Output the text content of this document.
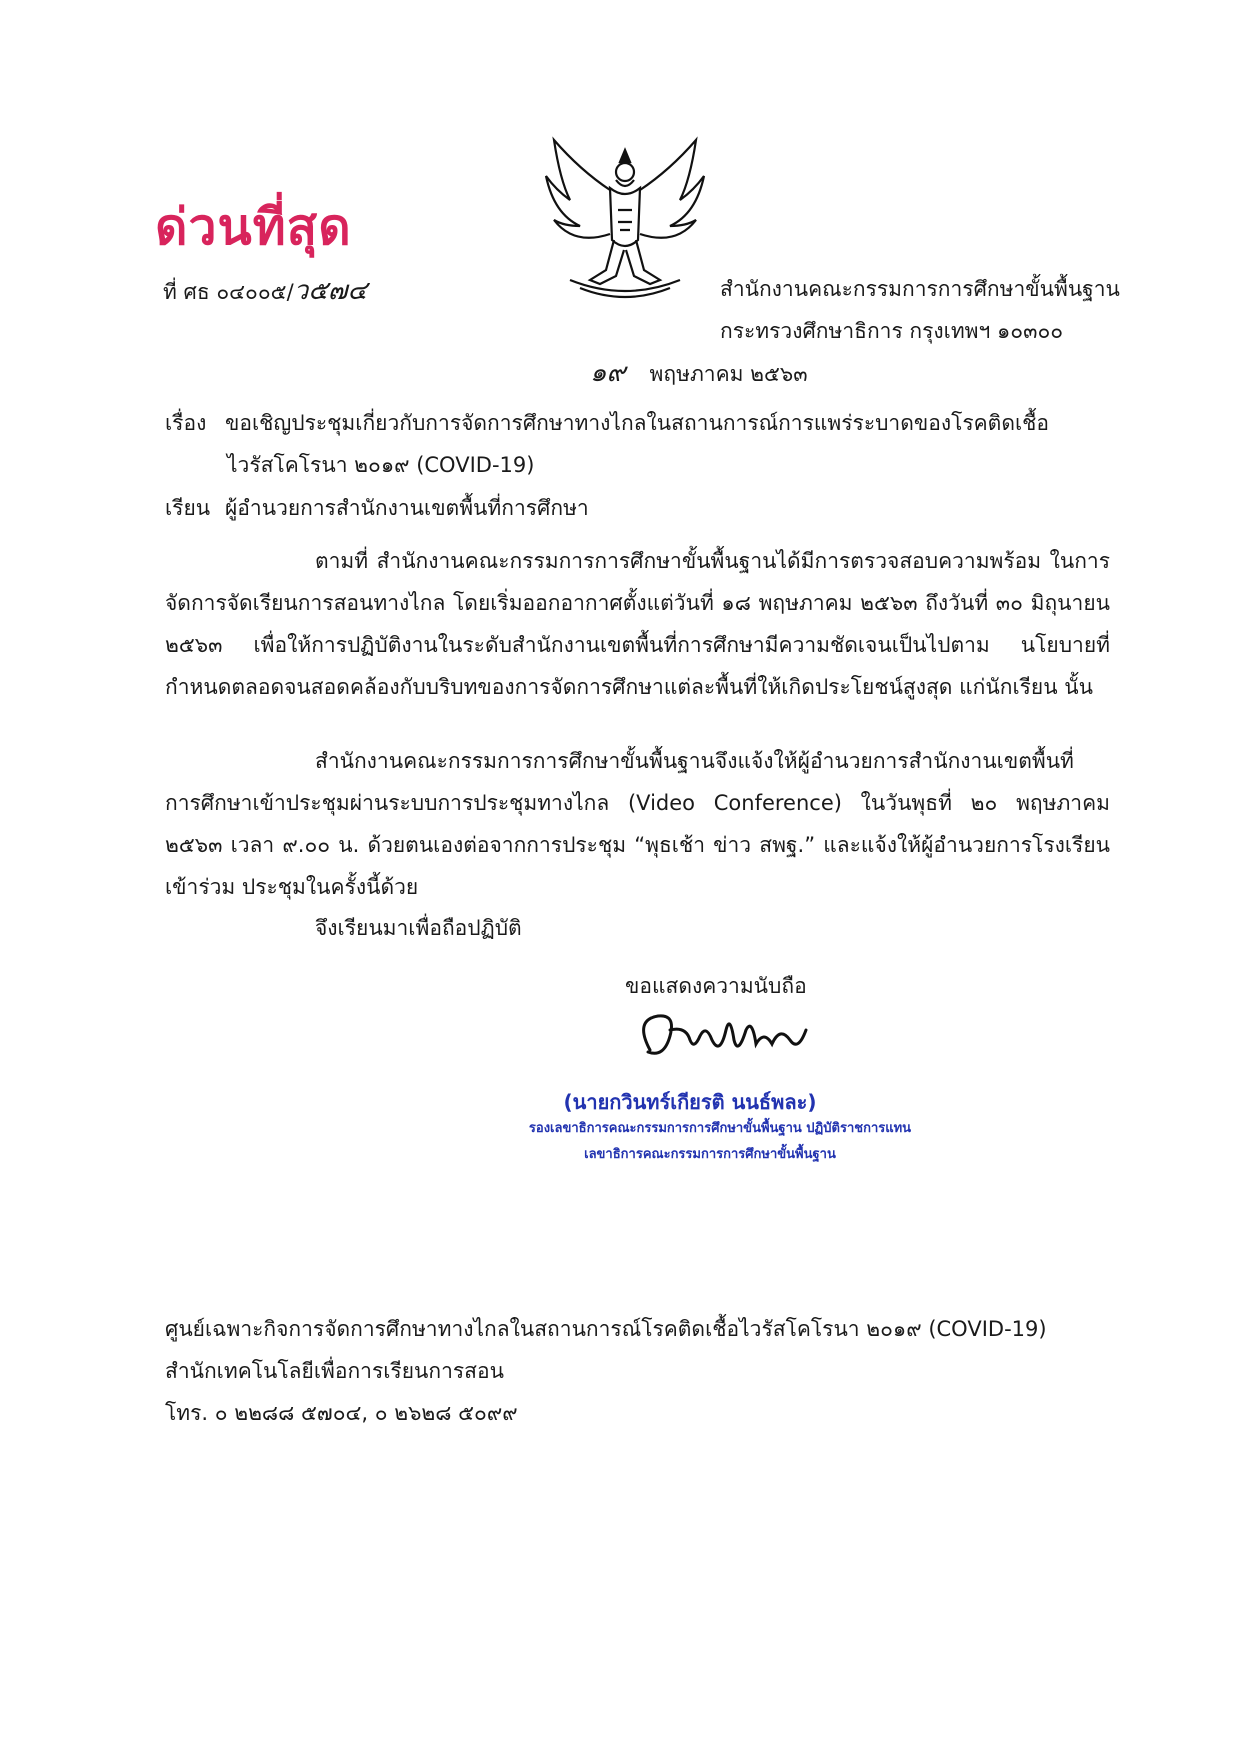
ด่วนที่สุด
ที่ ศธ ๐๔๐๐๕/ว๕๗๔	สำนักงานคณะกรรมการการศึกษาขั้นพื้นฐาน
กระทรวงศึกษาธิการ กรุงเทพฯ ๑๐๓๐๐
๑๙ พฤษภาคม ๒๕๖๓
เรื่อง ขอเชิญประชุมเกี่ยวกับการจัดการศึกษาทางไกลในสถานการณ์การแพร่ระบาดของโรคติดเชื้อ
ไวรัสโคโรนา ๒๐๑๙ (COVID-19)
เรียน ผู้อำนวยการสำนักงานเขตพื้นที่การศึกษา
ตามที่ สำนักงานคณะกรรมการการศึกษาขั้นพื้นฐานได้มีการตรวจสอบความพร้อม ในการจัดการจัดเรียนการสอนทางไกล โดยเริ่มออกอากาศตั้งแต่วันที่ ๑๘ พฤษภาคม ๒๕๖๓ ถึงวันที่ ๓๐ มิถุนายน ๒๕๖๓ เพื่อให้การปฏิบัติงานในระดับสำนักงานเขตพื้นที่การศึกษามีความชัดเจนเป็นไปตาม นโยบายที่กำหนดตลอดจนสอดคล้องกับบริบทของการจัดการศึกษาแต่ละพื้นที่ให้เกิดประโยชน์สูงสุด แก่นักเรียน นั้น
สำนักงานคณะกรรมการการศึกษาขั้นพื้นฐานจึงแจ้งให้ผู้อำนวยการสำนักงานเขตพื้นที่ การศึกษาเข้าประชุมผ่านระบบการประชุมทางไกล (Video Conference) ในวันพุธที่ ๒๐ พฤษภาคม ๒๕๖๓ เวลา ๙.๐๐ น. ด้วยตนเองต่อจากการประชุม “พุธเช้า ข่าว สพฐ.” และแจ้งให้ผู้อำนวยการโรงเรียนเข้าร่วม ประชุมในครั้งนี้ด้วย
จึงเรียนมาเพื่อถือปฏิบัติ
ขอแสดงความนับถือ
(นายกวินทร์เกียรติ นนธ์พละ)
รองเลขาธิการคณะกรรมการการศึกษาขั้นพื้นฐาน ปฏิบัติราชการแทน
เลขาธิการคณะกรรมการการศึกษาขั้นพื้นฐาน
ศูนย์เฉพาะกิจการจัดการศึกษาทางไกลในสถานการณ์โรคติดเชื้อไวรัสโคโรนา ๒๐๑๙ (COVID-19)
สำนักเทคโนโลยีเพื่อการเรียนการสอน
โทร. ๐ ๒๒๘๘ ๕๗๐๔, ๐ ๒๖๒๘ ๕๐๙๙
